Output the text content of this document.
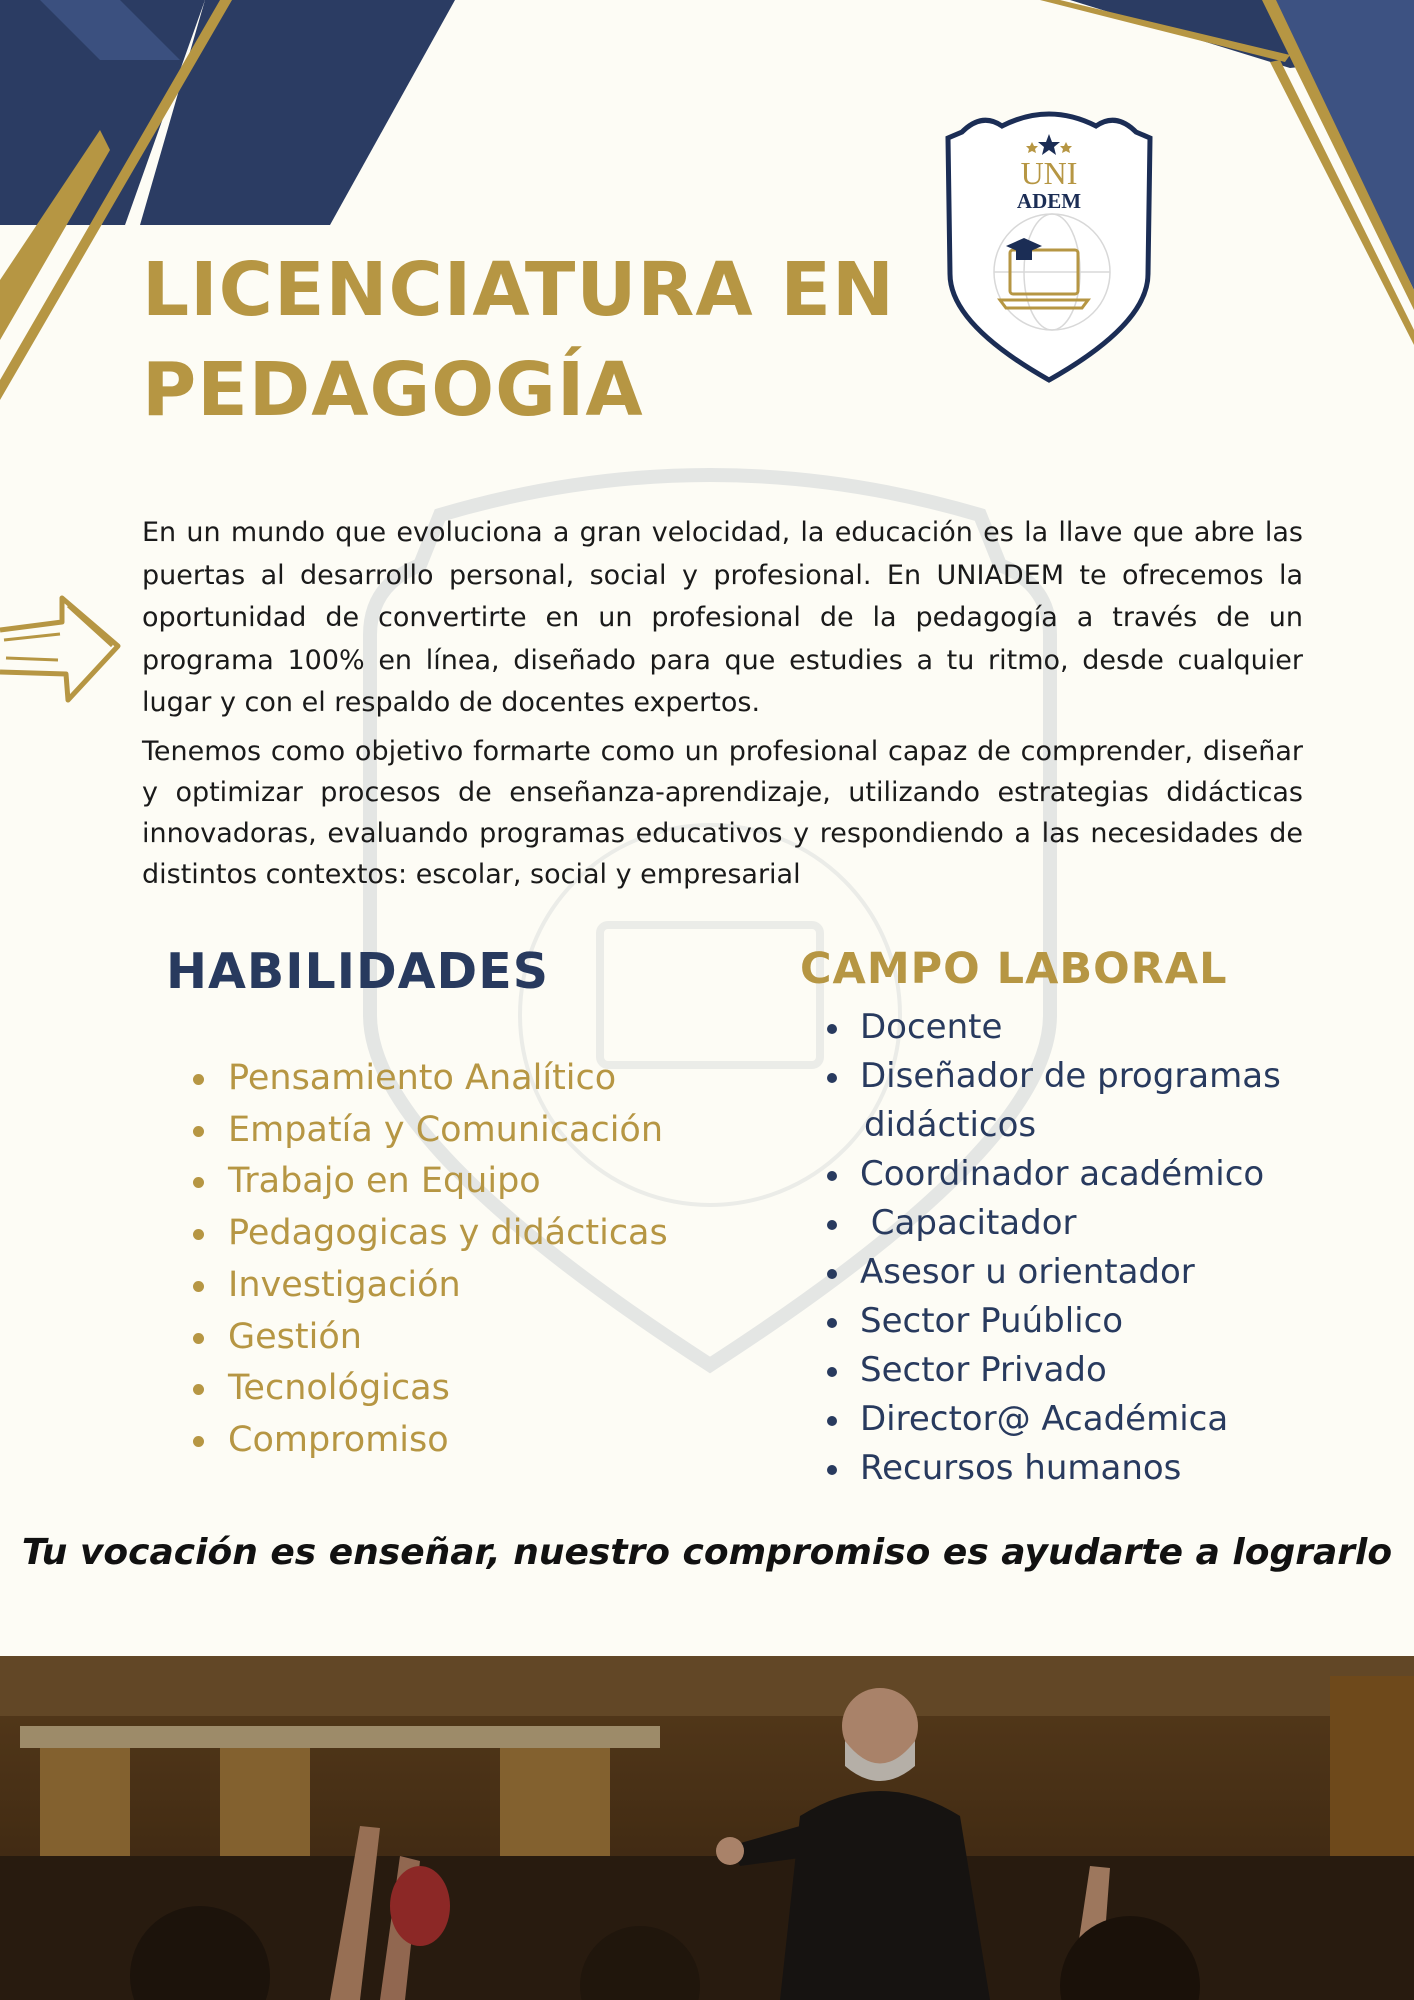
UNI
ADEM
LICENCIATURA EN
PEDAGOGÍA

En un mundo que evoluciona a gran velocidad, la educación es la llave que abre las puertas al desarrollo personal, social y profesional. En UNIADEM te ofrecemos la oportunidad de convertirte en un profesional de la pedagogía a través de un programa 100% en línea, diseñado para que estudies a tu ritmo, desde cualquier lugar y con el respaldo de docentes expertos.

Tenemos como objetivo formarte como un profesional capaz de comprender, diseñar y optimizar procesos de enseñanza-aprendizaje, utilizando estrategias didácticas innovadoras, evaluando programas educativos y respondiendo a las necesidades de distintos contextos: escolar, social y empresarial

HABILIDADES
Pensamiento Analítico
Empatía y Comunicación
Trabajo en Equipo
Pedagogicas y didácticas
Investigación
Gestión
Tecnológicas
Compromiso
CAMPO LABORAL
Docente
Diseñador de programas
didácticos
Coordinador académico
Capacitador
Asesor u orientador
Sector Puúblico
Sector Privado
Director@ Académica
Recursos humanos
Tu vocación es enseñar, nuestro compromiso es ayudarte a lograrlo
